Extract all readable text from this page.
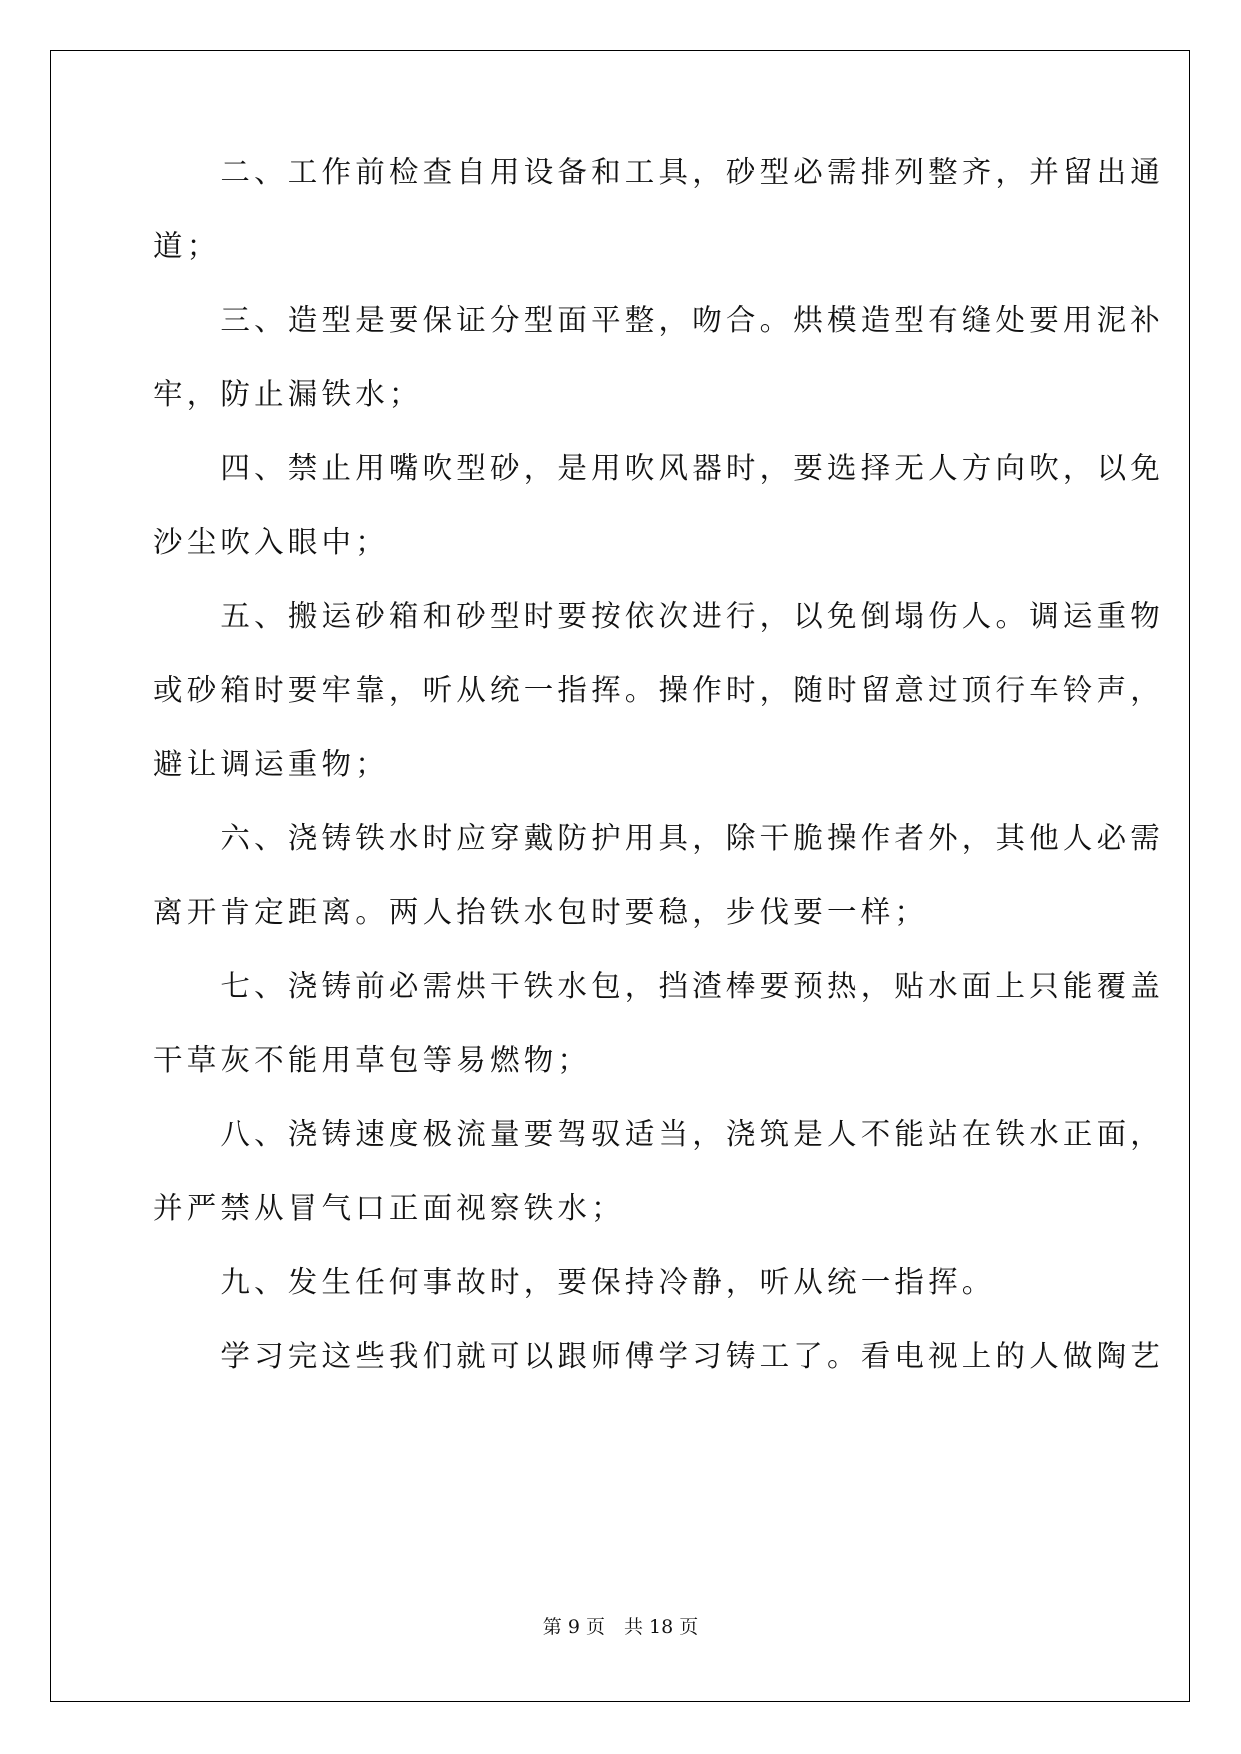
　　二、工作前检查自用设备和工具，砂型必需排列整齐，并留出通
道；
　　三、造型是要保证分型面平整，吻合。烘模造型有缝处要用泥补
牢，防止漏铁水；
　　四、禁止用嘴吹型砂，是用吹风器时，要选择无人方向吹，以免
沙尘吹入眼中；
　　五、搬运砂箱和砂型时要按依次进行，以免倒塌伤人。调运重物
或砂箱时要牢靠，听从统一指挥。操作时，随时留意过顶行车铃声，
避让调运重物；
　　六、浇铸铁水时应穿戴防护用具，除干脆操作者外，其他人必需
离开肯定距离。两人抬铁水包时要稳，步伐要一样；
　　七、浇铸前必需烘干铁水包，挡渣棒要预热，贴水面上只能覆盖
干草灰不能用草包等易燃物；
　　八、浇铸速度极流量要驾驭适当，浇筑是人不能站在铁水正面，
并严禁从冒气口正面视察铁水；
　　九、发生任何事故时，要保持冷静，听从统一指挥。
　　学习完这些我们就可以跟师傅学习铸工了。看电视上的人做陶艺
第 9 页　共 18 页
